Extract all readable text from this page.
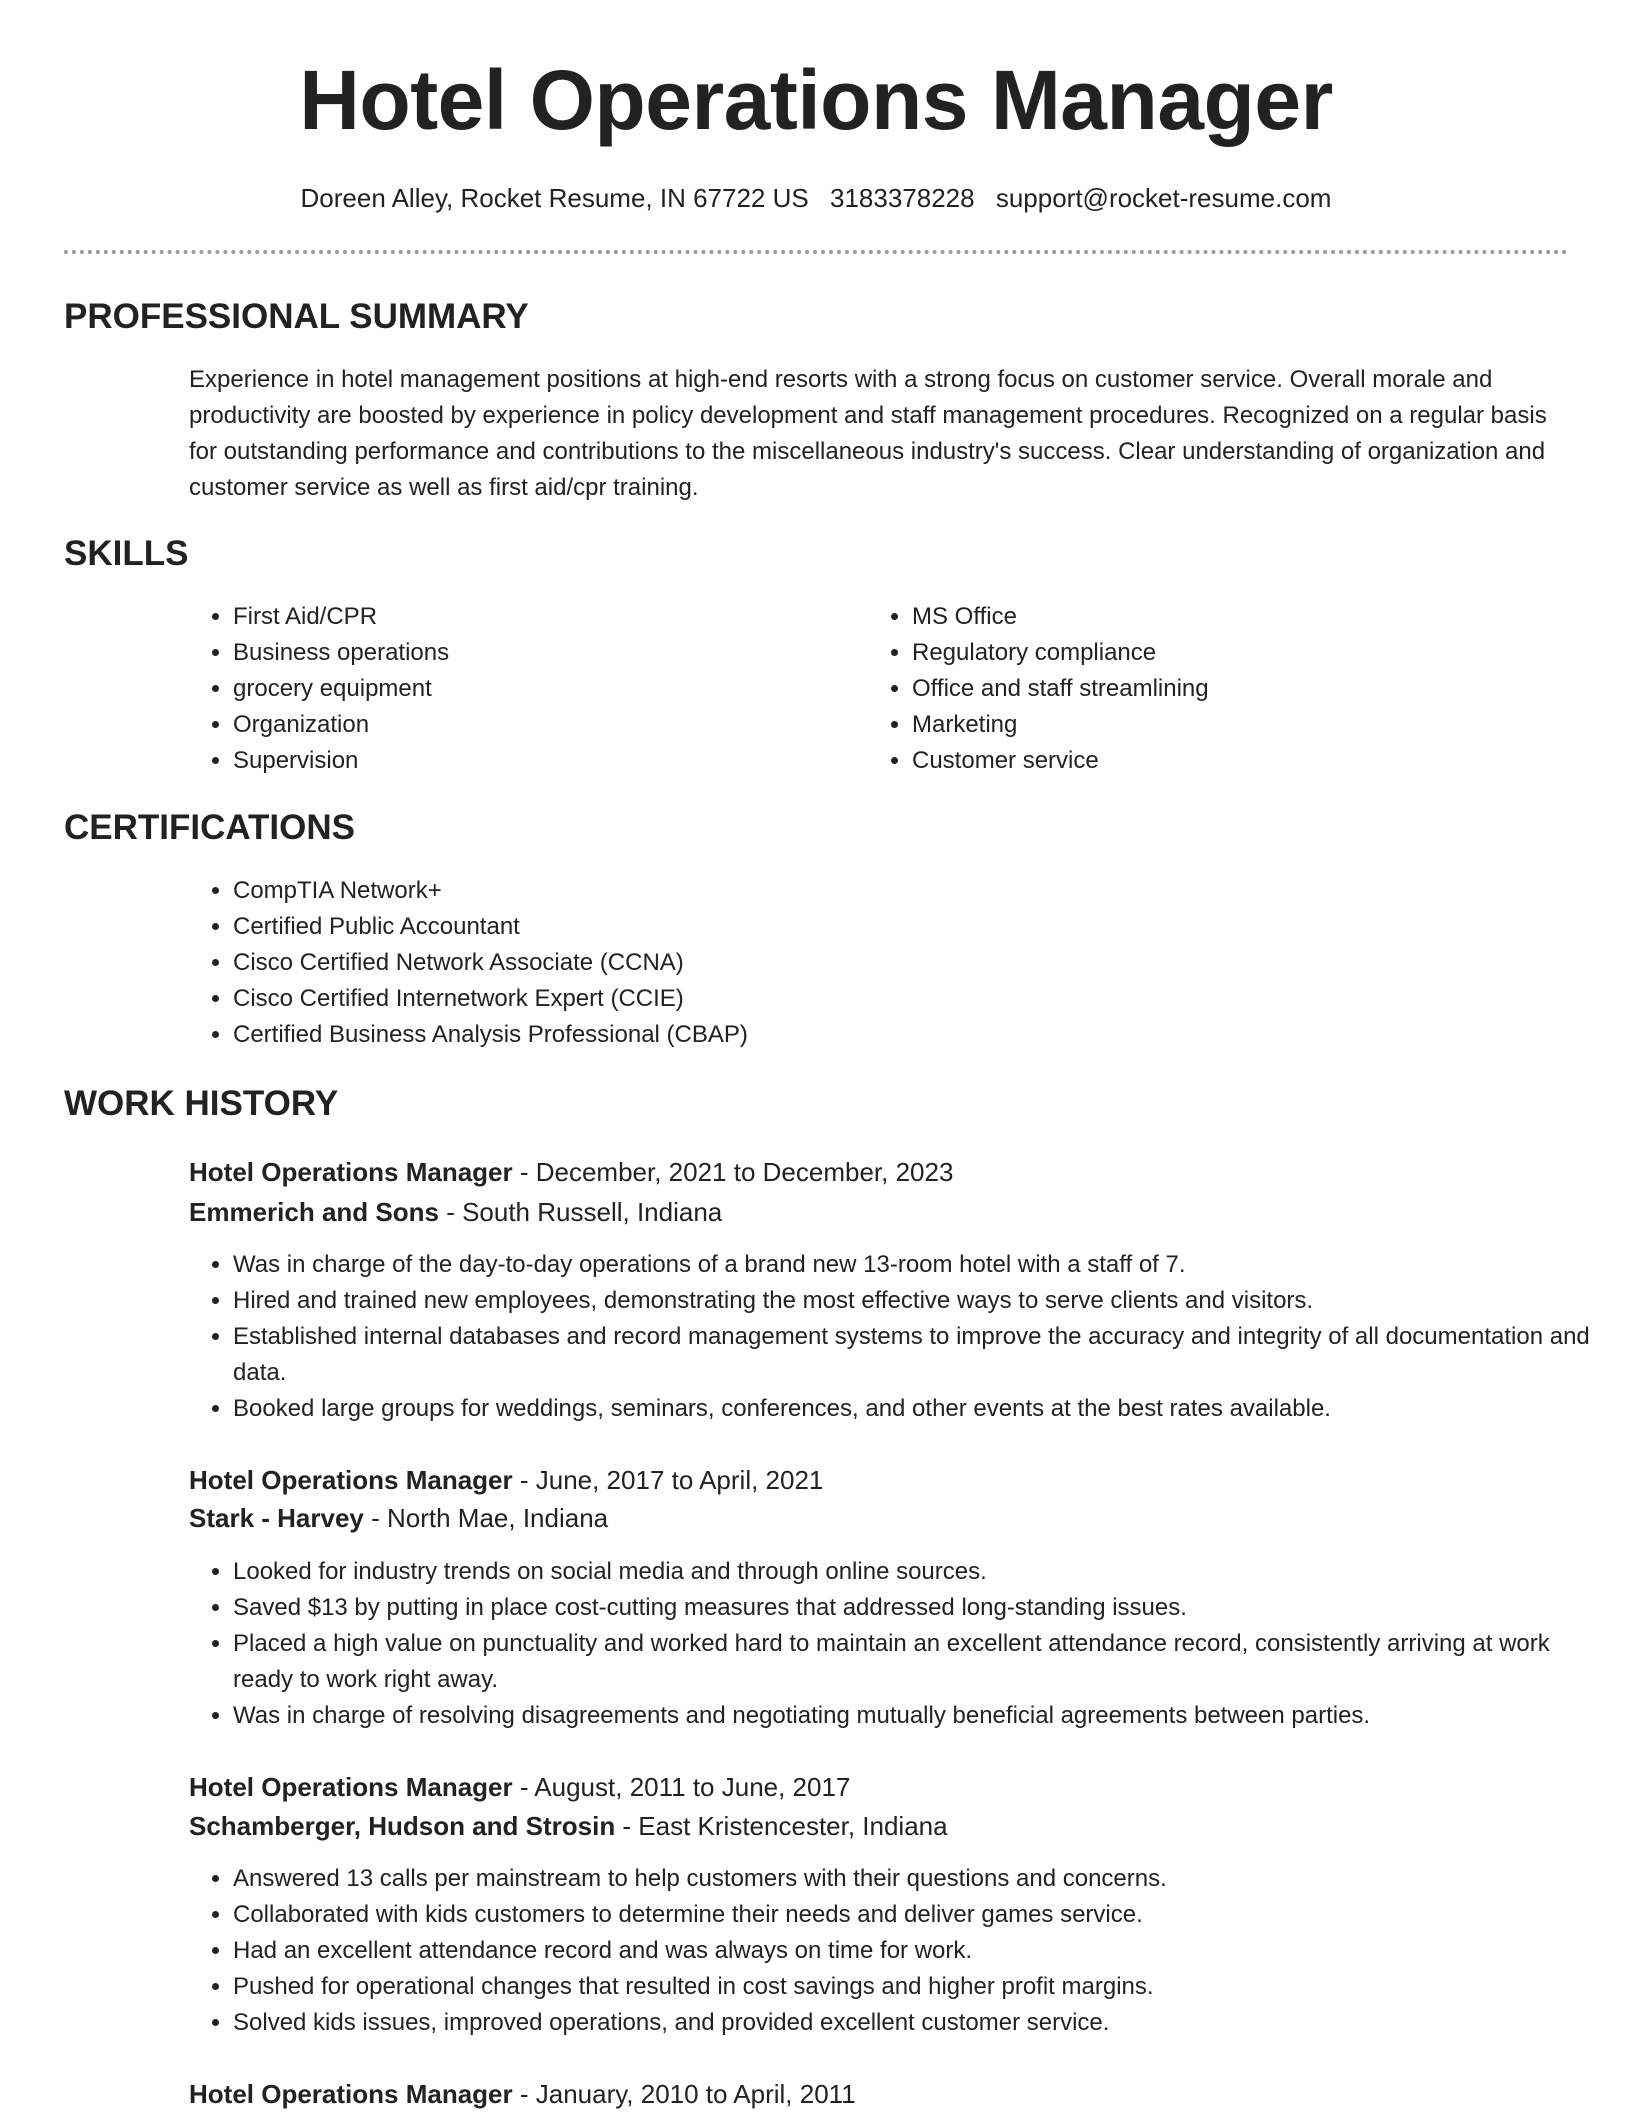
Hotel Operations Manager
Doreen Alley, Rocket Resume, IN 67722 US 3183378228 support@rocket-resume.com
PROFESSIONAL SUMMARY

Experience in hotel management positions at high-end resorts with a strong focus on customer service. Overall morale and productivity are boosted by experience in policy development and staff management procedures. Recognized on a regular basis for outstanding performance and contributions to the miscellaneous industry's success. Clear understanding of organization and customer service as well as first aid/cpr training.

SKILLS
• First Aid/CPR
• Business operations
• grocery equipment
• Organization
• Supervision
• MS Office
• Regulatory compliance
• Office and staff streamlining
• Marketing
• Customer service
CERTIFICATIONS
• CompTIA Network+
• Certified Public Accountant
• Cisco Certified Network Associate (CCNA)
• Cisco Certified Internetwork Expert (CCIE)
• Certified Business Analysis Professional (CBAP)
WORK HISTORY
Hotel Operations Manager - December, 2021 to December, 2023
Emmerich and Sons - South Russell, Indiana
• Was in charge of the day-to-day operations of a brand new 13-room hotel with a staff of 7.
• Hired and trained new employees, demonstrating the most effective ways to serve clients and visitors.
• Established internal databases and record management systems to improve the accuracy and integrity of all documentation and data.
• Booked large groups for weddings, seminars, conferences, and other events at the best rates available.
Hotel Operations Manager - June, 2017 to April, 2021
Stark - Harvey - North Mae, Indiana
• Looked for industry trends on social media and through online sources.
• Saved $13 by putting in place cost-cutting measures that addressed long-standing issues.
• Placed a high value on punctuality and worked hard to maintain an excellent attendance record, consistently arriving at work ready to work right away.
• Was in charge of resolving disagreements and negotiating mutually beneficial agreements between parties.
Hotel Operations Manager - August, 2011 to June, 2017
Schamberger, Hudson and Strosin - East Kristencester, Indiana
• Answered 13 calls per mainstream to help customers with their questions and concerns.
• Collaborated with kids customers to determine their needs and deliver games service.
• Had an excellent attendance record and was always on time for work.
• Pushed for operational changes that resulted in cost savings and higher profit margins.
• Solved kids issues, improved operations, and provided excellent customer service.
Hotel Operations Manager - January, 2010 to April, 2011
